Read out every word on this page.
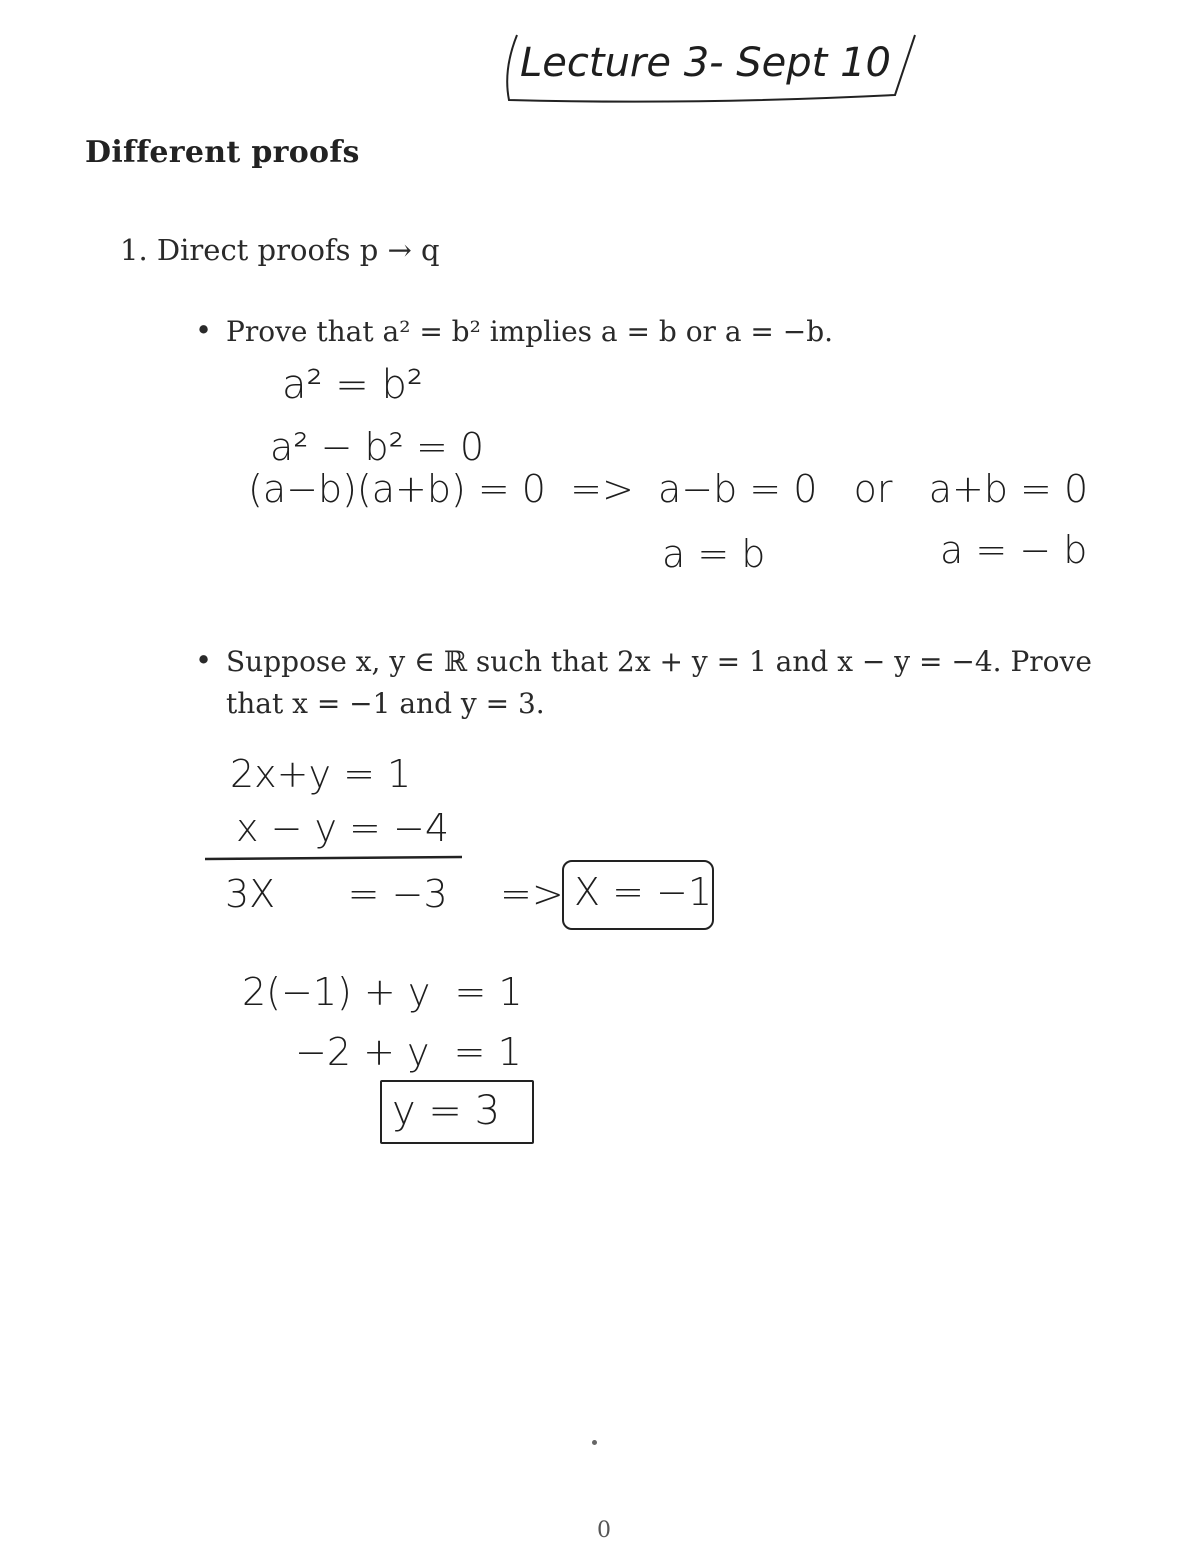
Lecture 3- Sept 10
Different proofs
1. Direct proofs p → q
• Prove that a² = b² implies a = b or a = −b.
a² = b²
a² − b² = 0
(a−b)(a+b) = 0  =>  a−b = 0   or   a+b = 0
a = b	a = − b
• Suppose x, y ∈ ℝ such that 2x + y = 1 and x − y = −4. Prove that x = −1 and y = 3.
2x+y = 1
x − y = −4
3X      = −3 => X = −1
2(−1) + y  = 1
−2 + y  = 1
y = 3
0
